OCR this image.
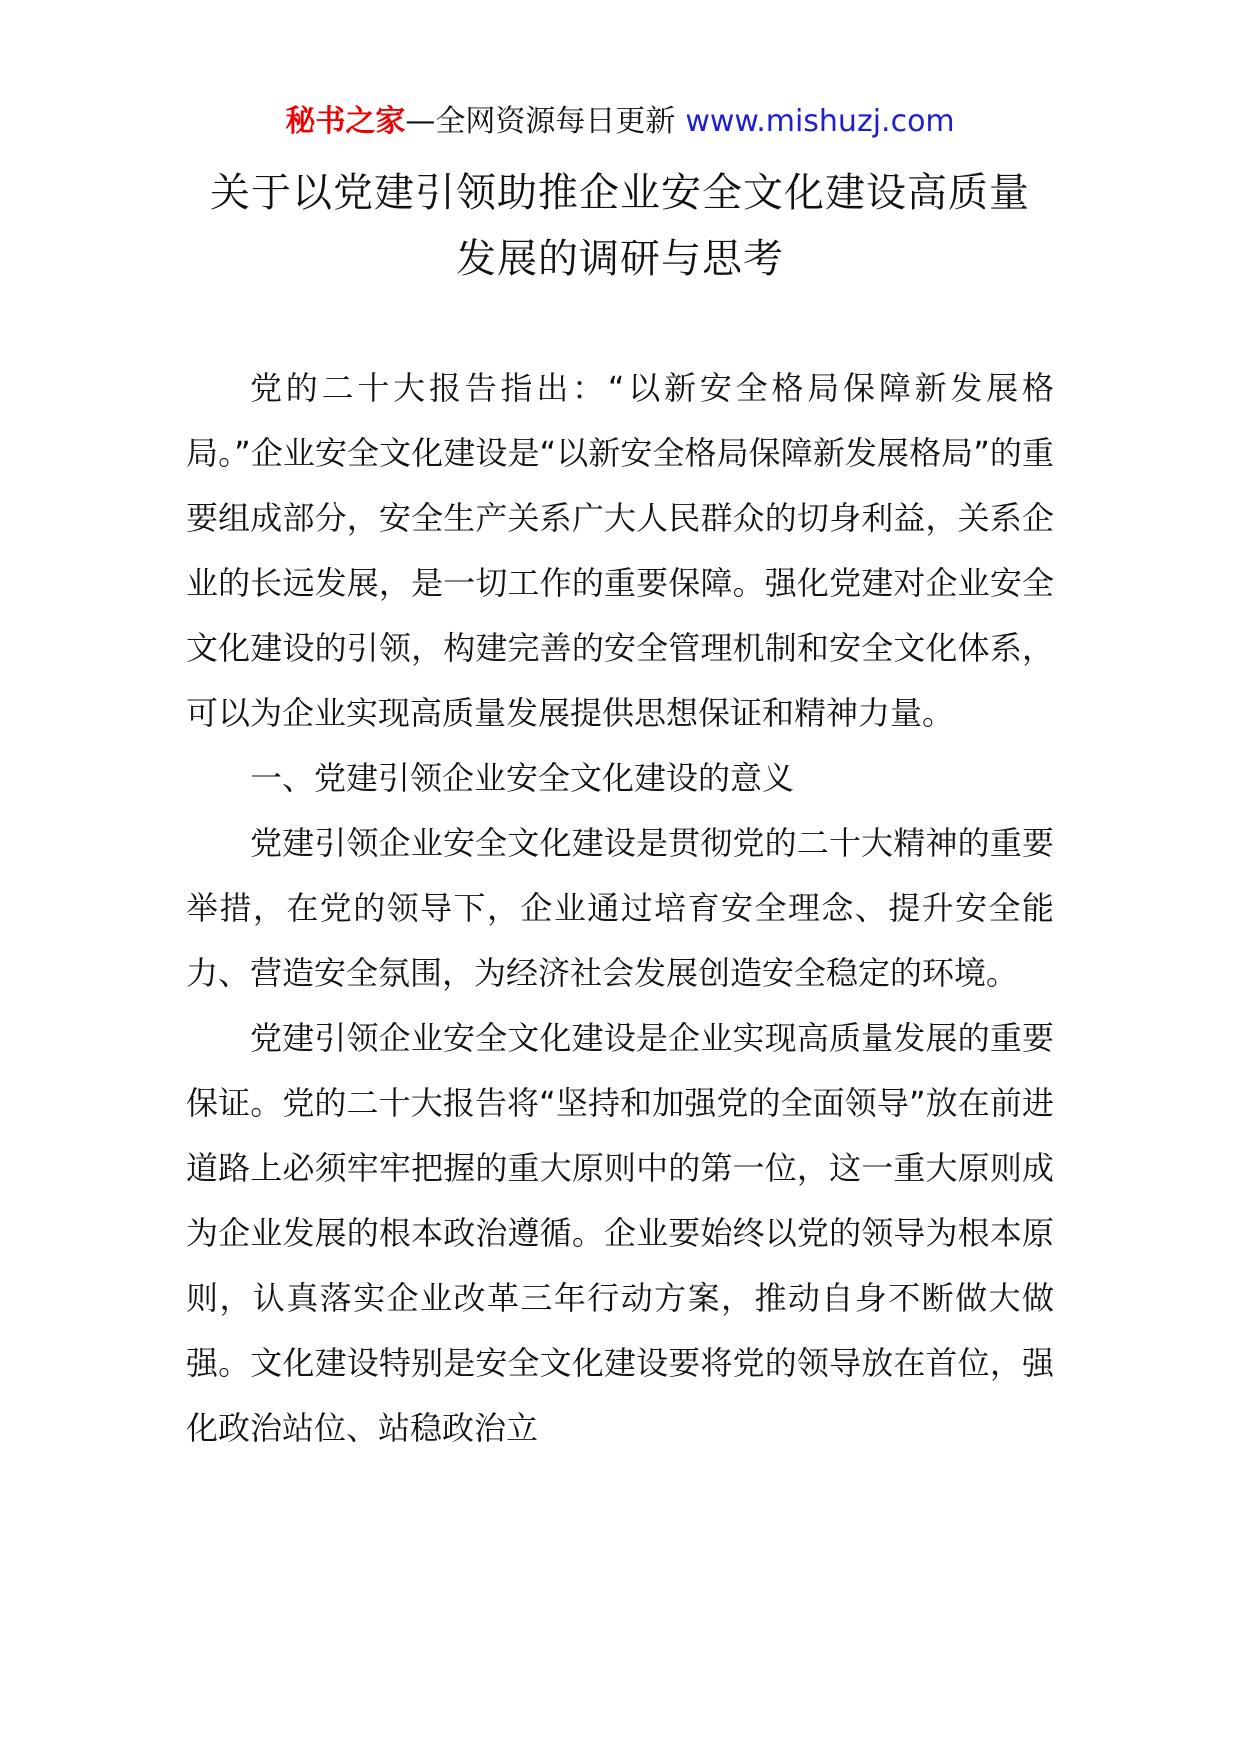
秘书之家—全网资源每日更新 www.mishuzj.com
关于以党建引领助推企业安全文化建设高质量
发展的调研与思考

党的二十大报告指出：“以新安全格局保障新发展格局。”企业安全文化建设是“以新安全格局保障新发展格局”的重要组成部分，安全生产关系广大人民群众的切身利益，关系企业的长远发展，是一切工作的重要保障。强化党建对企业安全文化建设的引领，构建完善的安全管理机制和安全文化体系，可以为企业实现高质量发展提供思想保证和精神力量。

一、党建引领企业安全文化建设的意义

党建引领企业安全文化建设是贯彻党的二十大精神的重要举措，在党的领导下，企业通过培育安全理念、提升安全能力、营造安全氛围，为经济社会发展创造安全稳定的环境。

党建引领企业安全文化建设是企业实现高质量发展的重要保证。党的二十大报告将“坚持和加强党的全面领导”放在前进道路上必须牢牢把握的重大原则中的第一位，这一重大原则成为企业发展的根本政治遵循。企业要始终以党的领导为根本原则，认真落实企业改革三年行动方案，推动自身不断做大做强。文化建设特别是安全文化建设要将党的领导放在首位，强化政治站位、站稳政治立
